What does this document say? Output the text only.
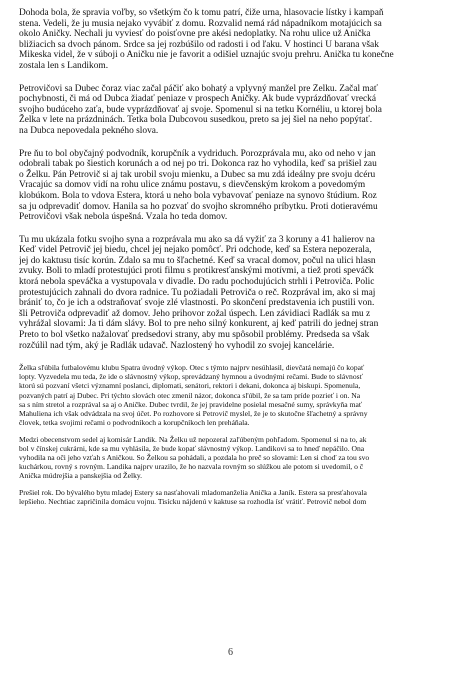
Dohoda bola, že spravia voľby, so všetkým čo k tomu patrí, čiže urna, hlasovacie lístky i kampaň
stena. Vedeli, že ju musia nejako vyvábiť z domu. Rozvalid nemá rád nápadníkom motajúcich sa
okolo Aničky. Nechali ju vyviesť do poisťovne pre akési nedoplatky. Na rohu ulice už Anička
bližiacich sa dvoch pánom. Srdce sa jej rozbúšilo od radosti i od ľaku. V hostinci U barana však
Mikeska videl, že v súboji o Aničku nie je favorit a odišiel uznajúc svoju prehru. Anička tu konečne
zostala len s Landikom.
Petrovičovi sa Dubec čoraz viac začal páčiť ako bohatý a vplyvný manžel pre Želku. Začal mať
pochybnosti, či má od Dubca žiadať peniaze v prospech Aničky. Ak bude vyprázdňovať vrecká
svojho budúceho zaťa, bude vyprázdňovať aj svoje. Spomenul si na tetku Kornéliu, u ktorej bola
Želka v lete na prázdninách. Tetka bola Dubcovou susedkou, preto sa jej šiel na neho popýtať.
na Dubca nepovedala pekného slova.
Pre ňu to bol obyčajný podvodník, korupčník a vydriduch. Porozprávala mu, ako od neho v jan
odobrali tabak po šiestich korunách a od nej po tri. Dokonca raz ho vyhodila, keď sa prišiel zau
o Želku. Pán Petrovič si aj tak urobil svoju mienku, a Dubec sa mu zdá ideálny pre svoju dcéru
Vracajúc sa domov vidí na rohu ulice známu postavu, s dievčenským krokom a povedomým
klobúkom. Bola to vdova Estera, ktorá u neho bola vybavovať peniaze na synovo štúdium. Roz
sa ju odprevadiť domov. Hanila sa ho pozvať do svojho skromného príbytku. Proti dotieravému
Petrovičovi však nebola úspešná. Vzala ho teda domov.
Tu mu ukázala fotku svojho syna a rozprávala mu ako sa dá vyžiť za 3 koruny a 41 halierov na
Keď videl Petrovič jej biedu, chcel jej nejako pomôcť. Pri odchode, keď sa Estera nepozerala,
jej do kaktusu tisíc korún. Zdalo sa mu to šľachetné. Keď sa vracal domov, počul na ulici hlasn
zvuky. Boli to mladí protestujúci proti filmu s protikresťanskými motívmi, a tiež proti speváčk
ktorá nebola speváčka a vystupovala v divadle. Do radu pochodujúcich strhli i Petroviča. Polic
protestujúcich zahnali do dvora radnice. Tu požiadali Petroviča o reč. Rozprával im, ako si maj
brániť to, čo je ich a odstraňovať svoje zlé vlastnosti. Po skončení predstavenia ich pustili von.
šli Petroviča odprevadiť až domov. Jeho prihovor zožal úspech. Len závidiaci Radlák sa mu z
vyhrážal slovami: Ja ti dám slávy. Bol to pre neho silný konkurent, aj keď patrili do jednej stran
Preto to bol všetko nažalovať predsedovi strany, aby mu spôsobil problémy. Predseda sa však
rozčúlil nad tým, aký je Radlák udavač. Nazlostený ho vyhodil zo svojej kancelárie.
Želka sľúbila futbalovému klubu Spatra úvodný výkop. Otec s týmto najprv nesúhlasil, dievčatá nemajú čo kopať
lopty. Vyzvedela mu teda, že ide o slávnostný výkop, sprevádzaný hymnou a úvodnými rečami. Bude to slávnosť
ktorú sú pozvaní všetci významní poslanci, diplomati, senátori, rektori i dekani, dokonca aj biskupi. Spomenula,
pozvaných patrí aj Dubec. Pri týchto slovách otec zmenil názor, dokonca sľúbil, že sa tam príde pozrieť i on. Na
sa s ním stretol a rozprával sa aj o Aničke. Dubec tvrdil, že jej pravidelne posielal mesačné sumy, správkyňa mať
Mahuliena ich však odvádzala na svoj účet. Po rozhovore si Petrovič myslel, že je to skutočne šľachetný a správny
človek, tetka svojimi rečami o podvodníkoch a korupčníkoch len preháňala.
Medzi obecenstvom sedel aj komisár Landik. Na Želku už nepozeral zaľúbeným pohľadom. Spomenul si na to, ak
bol v čínskej cukrárni, kde sa mu vyhlásila, že bude kopať slávnostný výkop. Landikovi sa to hneď nepáčilo. Ona
vyhodila na oči jeho vzťah s Aničkou. So Želkou sa pohádali, a pozdala ho preč so slovami: Len si choď za tou svo
kuchárkou, rovný s rovným. Landika najprv urazilo, že ho nazvala rovným so slúžkou ale potom si uvedomil, o č
Anička múdrejšia a panskejšia od Želky.
Prešiel rok. Do bývalého bytu mladej Estery sa nasťahovali mladomanželia Anička a Janík. Estera sa presťahovala
lepšieho. Nechtiac zapričinila domácu vojnu. Tisícku nájdenú v kaktuse sa rozhodla ísť vrátiť. Petrovič nebol dom
6
